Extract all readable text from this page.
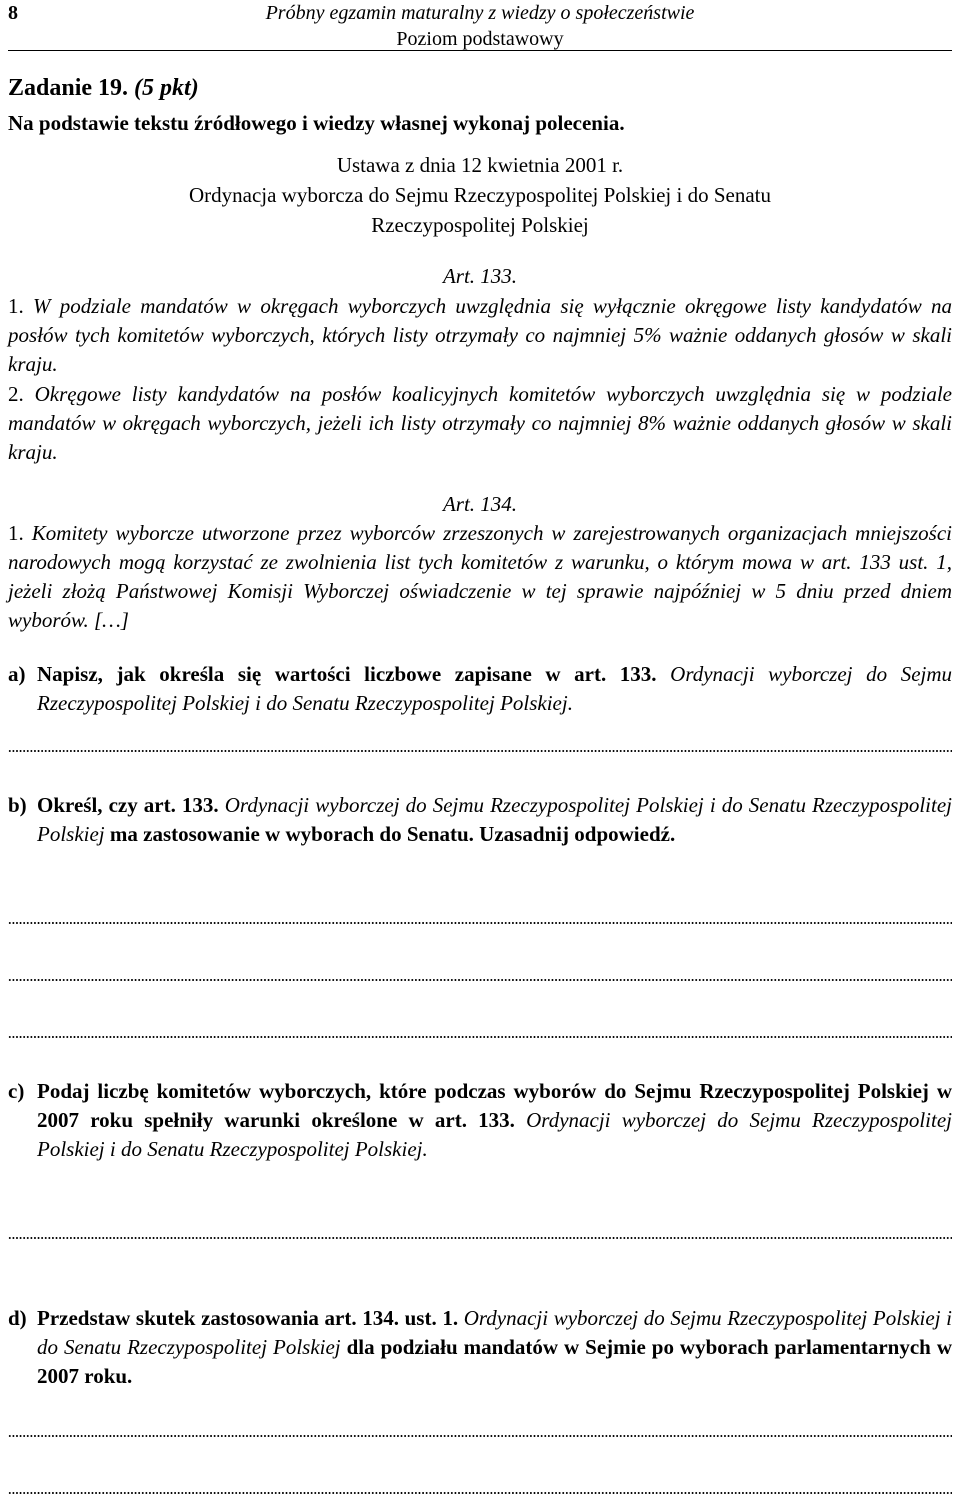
8	Próbny egzamin maturalny z wiedzy o społeczeństwie
Poziom podstawowy
Zadanie 19. (5 pkt)
Na podstawie tekstu źródłowego i wiedzy własnej wykonaj polecenia.
Ustawa z dnia 12 kwietnia 2001 r.
Ordynacja wyborcza do Sejmu Rzeczypospolitej Polskiej i do Senatu
Rzeczypospolitej Polskiej
Art. 133.
1. W podziale mandatów w okręgach wyborczych uwzględnia się wyłącznie okręgowe listy kandydatów na posłów tych komitetów wyborczych, których listy otrzymały co najmniej 5% ważnie oddanych głosów w skali kraju.
2. Okręgowe listy kandydatów na posłów koalicyjnych komitetów wyborczych uwzględnia się w podziale mandatów w okręgach wyborczych, jeżeli ich listy otrzymały co najmniej 8% ważnie oddanych głosów w skali kraju.
Art. 134.
1. Komitety wyborcze utworzone przez wyborców zrzeszonych w zarejestrowanych organizacjach mniejszości narodowych mogą korzystać ze zwolnienia list tych komitetów z warunku, o którym mowa w art. 133 ust. 1, jeżeli złożą Państwowej Komisji Wyborczej oświadczenie w tej sprawie najpóźniej w 5 dniu przed dniem wyborów. […]
a) Napisz, jak określa się wartości liczbowe zapisane w art. 133. Ordynacji wyborczej do Sejmu Rzeczypospolitej Polskiej i do Senatu Rzeczypospolitej Polskiej.
b) Określ, czy art. 133. Ordynacji wyborczej do Sejmu Rzeczypospolitej Polskiej i do Senatu Rzeczypospolitej Polskiej ma zastosowanie w wyborach do Senatu. Uzasadnij odpowiedź.
c) Podaj liczbę komitetów wyborczych, które podczas wyborów do Sejmu Rzeczypospolitej Polskiej w 2007 roku spełniły warunki określone w art. 133. Ordynacji wyborczej do Sejmu Rzeczypospolitej Polskiej i do Senatu Rzeczypospolitej Polskiej.
d) Przedstaw skutek zastosowania art. 134. ust. 1. Ordynacji wyborczej do Sejmu Rzeczypospolitej Polskiej i do Senatu Rzeczypospolitej Polskiej dla podziału mandatów w Sejmie po wyborach parlamentarnych w 2007 roku.
